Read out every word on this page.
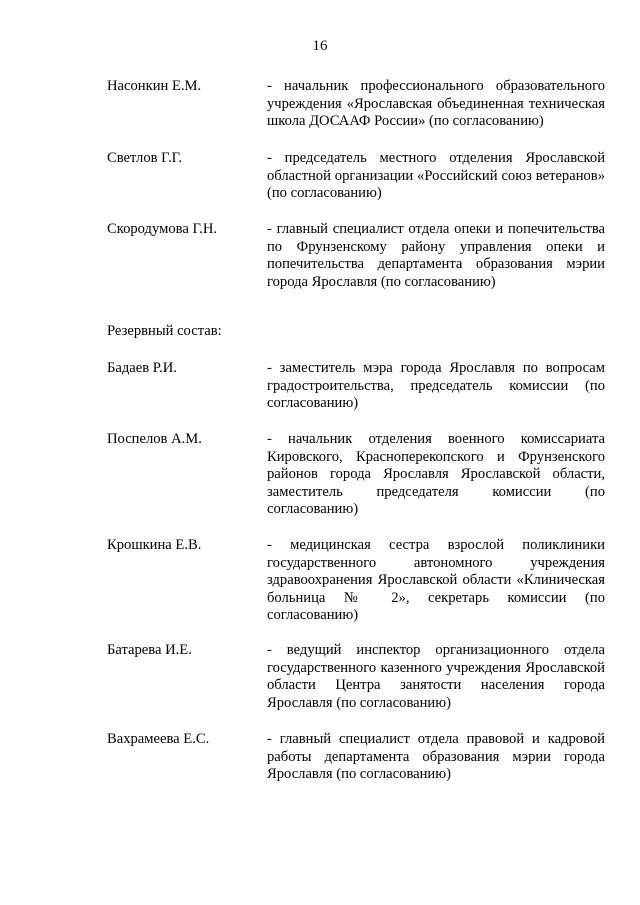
16
Насонкин Е.М.	- начальник профессионального образовательного учреждения «Ярославская объединенная техническая школа ДОСААФ России» (по согласованию)
Светлов Г.Г.	- председатель местного отделения Ярославской областной организации «Российский союз ветеранов» (по согласованию)
Скородумова Г.Н.	- главный специалист отдела опеки и попечительства по Фрунзенскому району управления опеки и попечительства департамента образования мэрии города Ярославля (по согласованию)
Резервный состав:
Бадаев Р.И.	- заместитель мэра города Ярославля по вопросам градостроительства, председатель комиссии (по согласованию)
Поспелов А.М.	- начальник отделения военного комиссариата Кировского, Красноперекопского и Фрунзенского районов города Ярославля Ярославской области, заместитель председателя комиссии (по согласованию)
Крошкина Е.В.	- медицинская сестра взрослой поликлиники государственного автономного учреждения здравоохранения Ярославской области «Клиническая больница № 2», секретарь комиссии (по согласованию)
Батарева И.Е.	- ведущий инспектор организационного отдела государственного казенного учреждения Ярославской области Центра занятости населения города Ярославля (по согласованию)
Вахрамеева Е.С.	- главный специалист отдела правовой и кадровой работы департамента образования мэрии города Ярославля (по согласованию)
